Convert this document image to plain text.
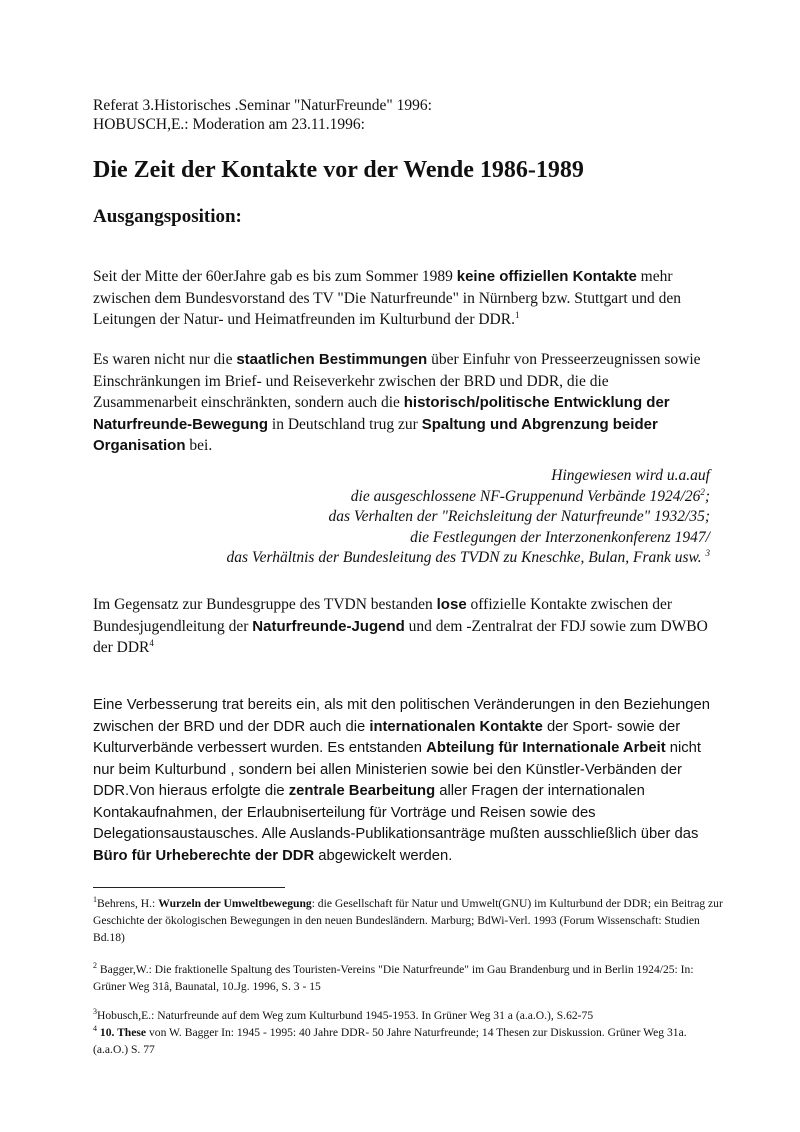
Referat 3.Historisches .Seminar "NaturFreunde" 1996:
HOBUSCH,E.: Moderation am 23.11.1996:
Die Zeit der Kontakte vor der Wende 1986-1989
Ausgangsposition:

Seit der Mitte der 60erJahre gab es bis zum Sommer 1989 keine offiziellen Kontakte mehr zwischen dem Bundesvorstand des TV "Die Naturfreunde" in Nürnberg bzw. Stuttgart und den Leitungen der Natur- und Heimatfreunden im Kulturbund der DDR.$^1$

Es waren nicht nur die staatlichen Bestimmungen über Einfuhr von Presseerzeugnissen sowie Einschränkungen im Brief- und Reiseverkehr zwischen der BRD und DDR, die die Zusammenarbeit einschränkten, sondern auch die historisch/politische Entwicklung der Naturfreunde-Bewegung in Deutschland trug zur Spaltung und Abgrenzung beider Organisation bei.

Hingewiesen wird u.a.auf
die ausgeschlossene NF-Gruppenund Verbände $1924/26^2$;
das Verhalten der "Reichsleitung der Naturfreunde" 1932/35;
die Festlegungen der Interzonenkonferenz 1947/
das Verhältnis der Bundesleitung des TVDN zu Kneschke, Bulan, Frank usw. $^3$

Im Gegensatz zur Bundesgruppe des TVDN bestanden lose offizielle Kontakte zwischen der Bundesjugendleitung der Naturfreunde-Jugend und dem -Zentralrat der FDJ sowie zum DWBO der DDR$^4$

Eine Verbesserung trat bereits ein, als mit den politischen Veränderungen in den Beziehungen zwischen der BRD und der DDR auch die internationalen Kontakte der Sport- sowie der Kulturverbände verbessert wurden. Es entstanden Abteilung für Internationale Arbeit nicht nur beim Kulturbund , sondern bei allen Ministerien sowie bei den Künstler-Verbänden der DDR.Von hieraus erfolgte die zentrale Bearbeitung aller Fragen der internationalen Kontakaufnahmen, der Erlaubniserteilung für Vorträge und Reisen sowie des Delegationsaustausches. Alle Auslands-Publikationsanträge mußten ausschließlich über das Büro für Urheberechte der DDR abgewickelt werden.

$^1$Behrens, H.: Wurzeln der Umweltbewegung: die Gesellschaft für Natur und Umwelt(GNU) im Kulturbund der DDR; ein Beitrag zur Geschichte der ökologischen Bewegungen in den neuen Bundesländern. Marburg; BdWi-Verl. 1993 (Forum Wissenschaft: Studien Bd.18)

$^2$ Bagger,W.: Die fraktionelle Spaltung des Touristen-Vereins "Die Naturfreunde" im Gau Brandenburg und in Berlin 1924/25: In: Grüner Weg 31â, Baunatal, 10.Jg. 1996, S. 3 - 15

$^3$Hobusch,E.: Naturfreunde auf dem Weg zum Kulturbund 1945-1953. In Grüner Weg 31 a (a.a.O.), S.62-75

$^4$ 10. These von W. Bagger In: 1945 - 1995: 40 Jahre DDR- 50 Jahre Naturfreunde; 14 Thesen zur Diskussion. Grüner Weg 31a. (a.a.O.) S. 77
